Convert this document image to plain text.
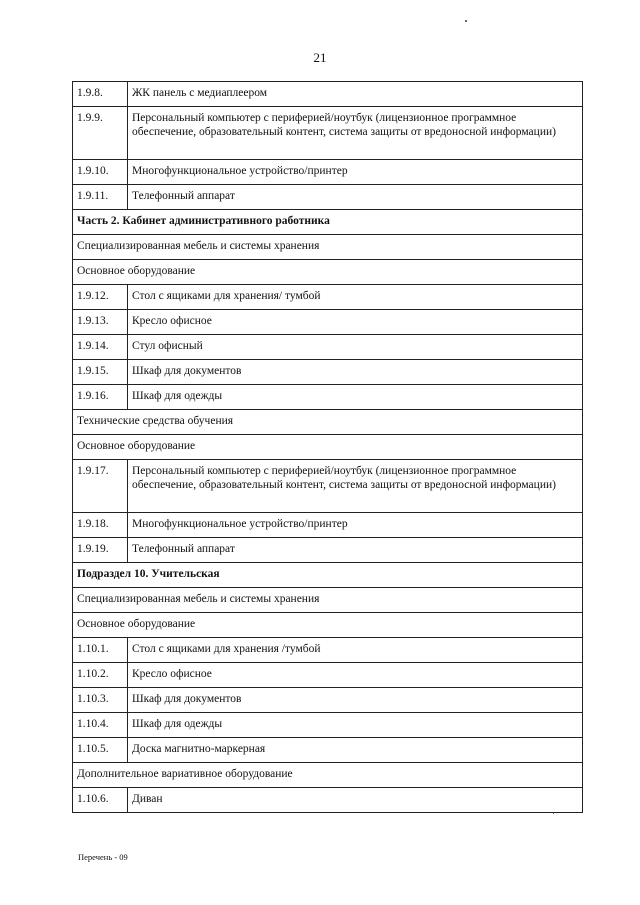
21
1.9.8.	ЖК панель с медиаплеером
1.9.9.	Персональный компьютер с периферией/ноутбук (лицензионное программное обеспечение, образовательный контент, система защиты от вредоносной информации)
1.9.10.	Многофункциональное устройство/принтер
1.9.11.	Телефонный аппарат
Часть 2. Кабинет административного работника	
Специализированная мебель и системы хранения	
Основное оборудование	
1.9.12.	Стол с ящиками для хранения/ тумбой
1.9.13.	Кресло офисное
1.9.14.	Стул офисный
1.9.15.	Шкаф для документов
1.9.16.	Шкаф для одежды
Технические средства обучения	
Основное оборудование	
1.9.17.	Персональный компьютер с периферией/ноутбук (лицензионное программное обеспечение, образовательный контент, система защиты от вредоносной информации)
1.9.18.	Многофункциональное устройство/принтер
1.9.19.	Телефонный аппарат
Подраздел 10. Учительская	
Специализированная мебель и системы хранения	
Основное оборудование	
1.10.1.	Стол с ящиками для хранения /тумбой
1.10.2.	Кресло офисное
1.10.3.	Шкаф для документов
1.10.4.	Шкаф для одежды
1.10.5.	Доска магнитно-маркерная
Дополнительное вариативное оборудование	
1.10.6.	Диван
Перечень - 09
